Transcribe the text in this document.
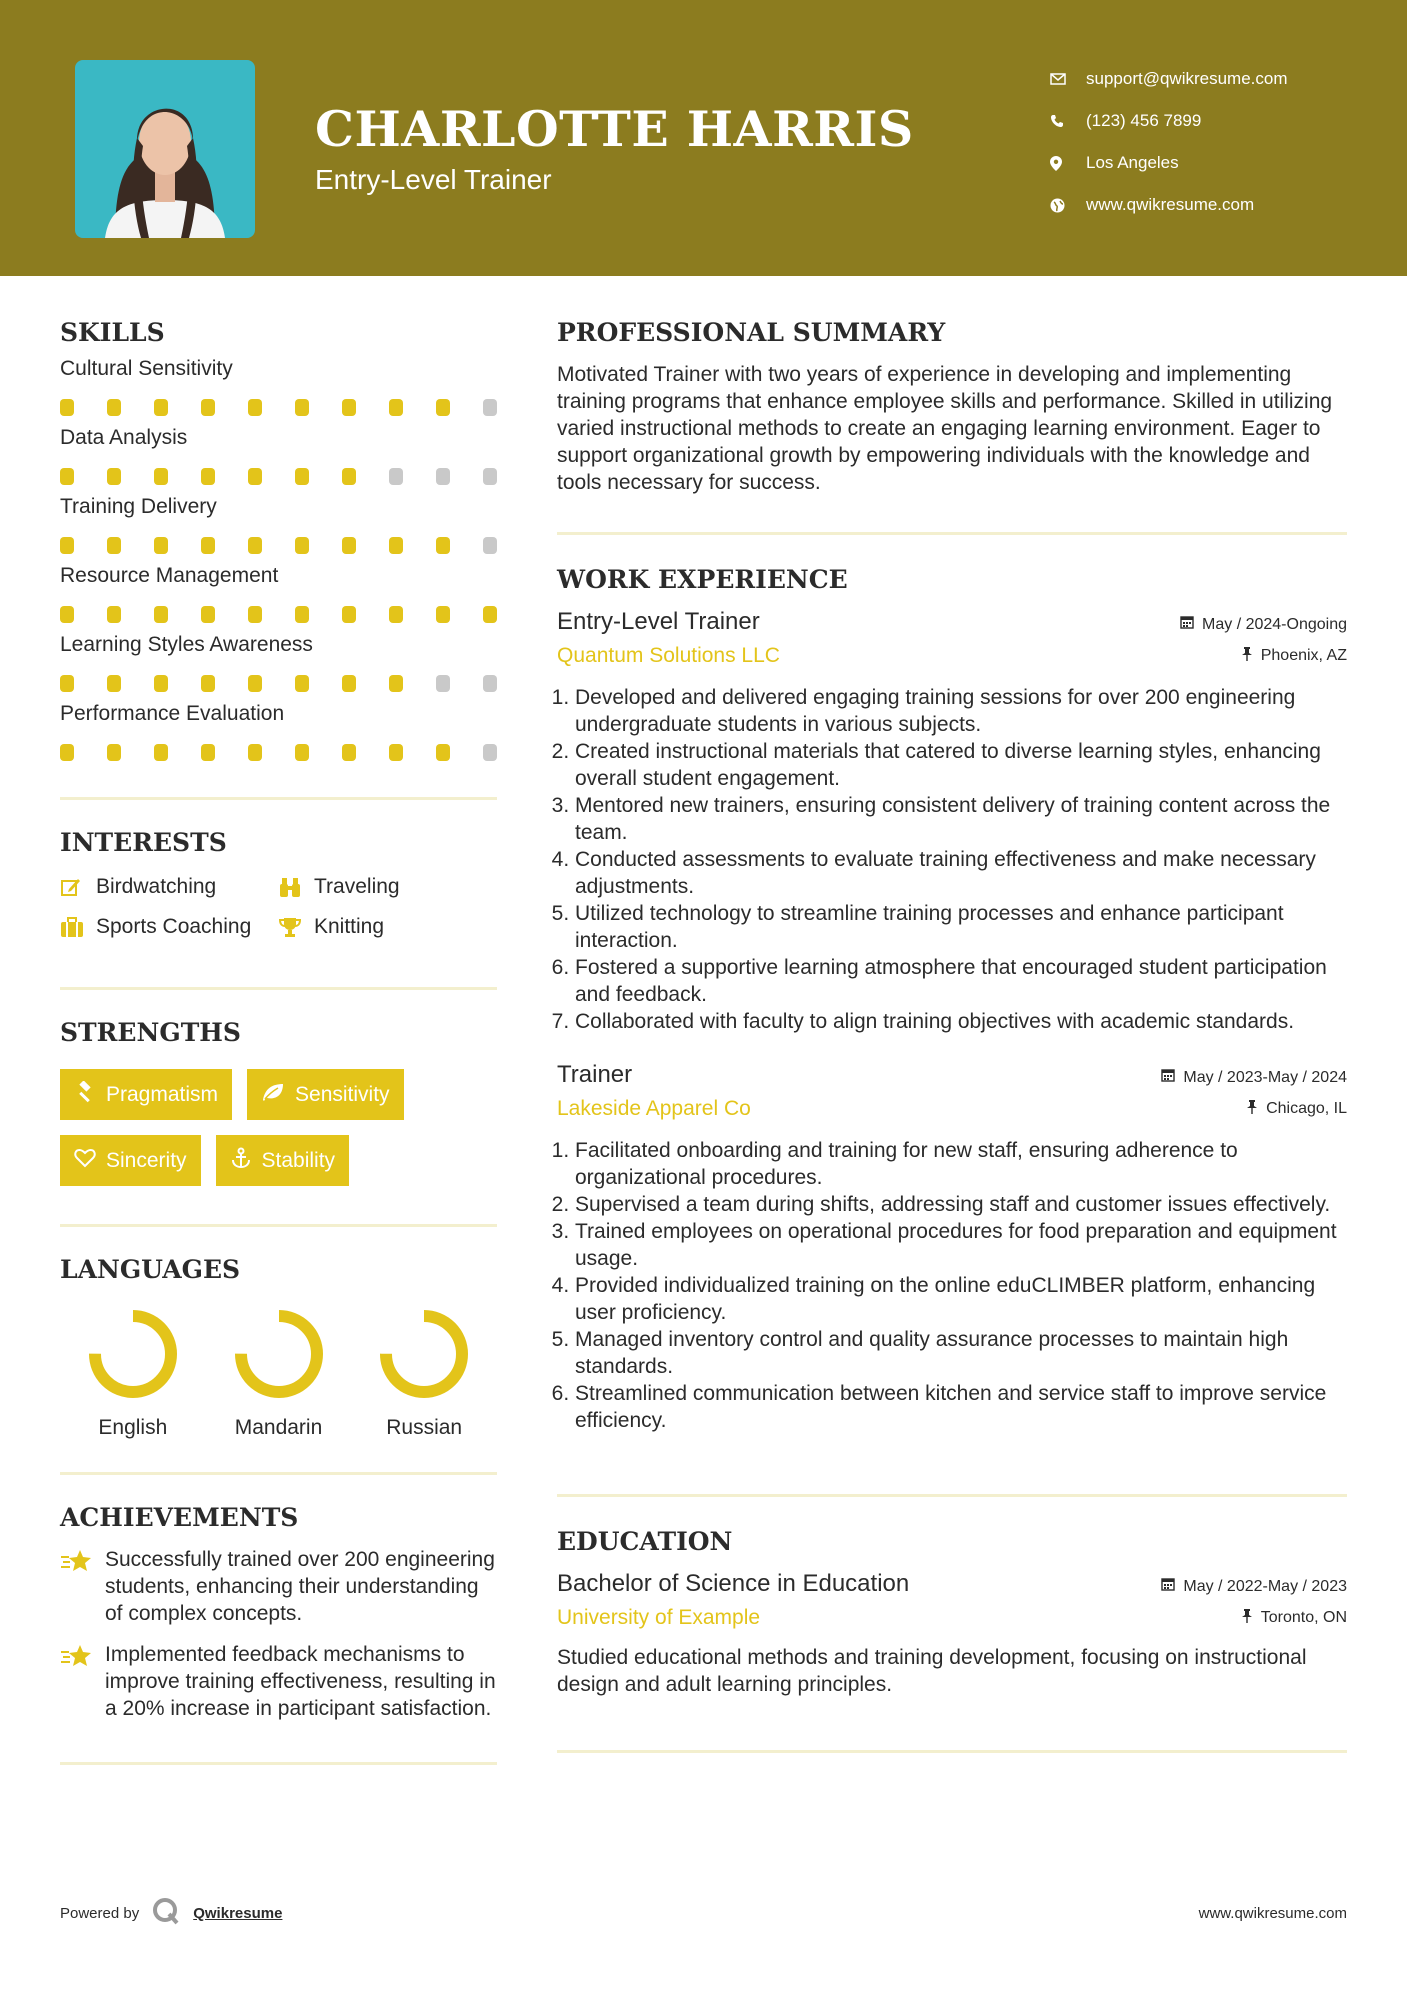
CHARLOTTE HARRIS
Entry-Level Trainer
support@qwikresume.com
(123) 456 7899
Los Angeles
www.qwikresume.com
SKILLS
Cultural Sensitivity
Data Analysis
Training Delivery
Resource Management
Learning Styles Awareness
Performance Evaluation
INTERESTS
Birdwatching	Traveling
Sports Coaching	Knitting
STRENGTHS
Pragmatism	Sensitivity
Sincerity	Stability
LANGUAGES
English	Mandarin	Russian
ACHIEVEMENTS
Successfully trained over 200 engineering students, enhancing their understanding of complex concepts.
Implemented feedback mechanisms to improve training effectiveness, resulting in a 20% increase in participant satisfaction.
PROFESSIONAL SUMMARY
Motivated Trainer with two years of experience in developing and implementing training programs that enhance employee skills and performance. Skilled in utilizing varied instructional methods to create an engaging learning environment. Eager to support organizational growth by empowering individuals with the knowledge and tools necessary for success.
WORK EXPERIENCE
Entry-Level Trainer	May / 2024-Ongoing
Quantum Solutions LLC	Phoenix, AZ
1. Developed and delivered engaging training sessions for over 200 engineering undergraduate students in various subjects.
2. Created instructional materials that catered to diverse learning styles, enhancing overall student engagement.
3. Mentored new trainers, ensuring consistent delivery of training content across the team.
4. Conducted assessments to evaluate training effectiveness and make necessary adjustments.
5. Utilized technology to streamline training processes and enhance participant interaction.
6. Fostered a supportive learning atmosphere that encouraged student participation and feedback.
7. Collaborated with faculty to align training objectives with academic standards.
Trainer	May / 2023-May / 2024
Lakeside Apparel Co	Chicago, IL
1. Facilitated onboarding and training for new staff, ensuring adherence to organizational procedures.
2. Supervised a team during shifts, addressing staff and customer issues effectively.
3. Trained employees on operational procedures for food preparation and equipment usage.
4. Provided individualized training on the online eduCLIMBER platform, enhancing user proficiency.
5. Managed inventory control and quality assurance processes to maintain high standards.
6. Streamlined communication between kitchen and service staff to improve service efficiency.
EDUCATION
Bachelor of Science in Education	May / 2022-May / 2023
University of Example	Toronto, ON
Studied educational methods and training development, focusing on instructional design and adult learning principles.
Powered by	Qwikresume	www.qwikresume.com
